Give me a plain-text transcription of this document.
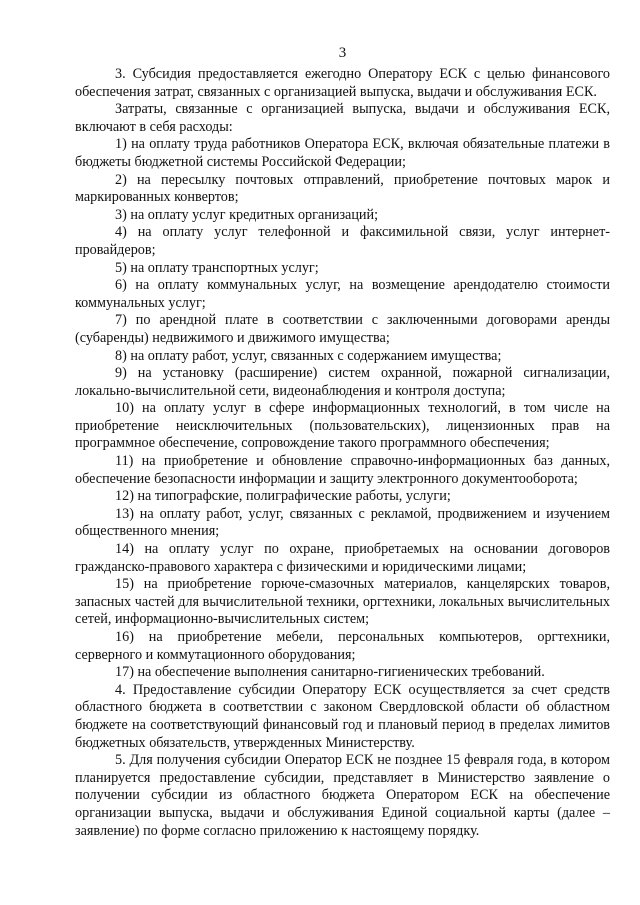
3

3. Субсидия предоставляется ежегодно Оператору ЕСК с целью финансового обеспечения затрат, связанных с организацией выпуска, выдачи и обслуживания ЕСК.

Затраты, связанные с организацией выпуска, выдачи и обслуживания ЕСК, включают в себя расходы:

1) на оплату труда работников Оператора ЕСК, включая обязательные платежи в бюджеты бюджетной системы Российской Федерации;

2) на пересылку почтовых отправлений, приобретение почтовых марок и маркированных конвертов;

3) на оплату услуг кредитных организаций;

4) на оплату услуг телефонной и факсимильной связи, услуг интернет-провайдеров;

5) на оплату транспортных услуг;

6) на оплату коммунальных услуг, на возмещение арендодателю стоимости коммунальных услуг;

7) по арендной плате в соответствии с заключенными договорами аренды (субаренды) недвижимого и движимого имущества;

8) на оплату работ, услуг, связанных с содержанием имущества;

9) на установку (расширение) систем охранной, пожарной сигнализации, локально-вычислительной сети, видеонаблюдения и контроля доступа;

10) на оплату услуг в сфере информационных технологий, в том числе на приобретение неисключительных (пользовательских), лицензионных прав на программное обеспечение, сопровождение такого программного обеспечения;

11) на приобретение и обновление справочно-информационных баз данных, обеспечение безопасности информации и защиту электронного документооборота;

12) на типографские, полиграфические работы, услуги;

13) на оплату работ, услуг, связанных с рекламой, продвижением и изучением общественного мнения;

14) на оплату услуг по охране, приобретаемых на основании договоров гражданско-правового характера с физическими и юридическими лицами;

15) на приобретение горюче-смазочных материалов, канцелярских товаров, запасных частей для вычислительной техники, оргтехники, локальных вычислительных сетей, информационно-вычислительных систем;

16) на приобретение мебели, персональных компьютеров, оргтехники, серверного и коммутационного оборудования;

17) на обеспечение выполнения санитарно-гигиенических требований.

4. Предоставление субсидии Оператору ЕСК осуществляется за счет средств областного бюджета в соответствии с законом Свердловской области об областном бюджете на соответствующий финансовый год и плановый период в пределах лимитов бюджетных обязательств, утвержденных Министерству.

5. Для получения субсидии Оператор ЕСК не позднее 15 февраля года, в котором планируется предоставление субсидии, представляет в Министерство заявление о получении субсидии из областного бюджета Оператором ЕСК на обеспечение организации выпуска, выдачи и обслуживания Единой социальной карты (далее – заявление) по форме согласно приложению к настоящему порядку.
